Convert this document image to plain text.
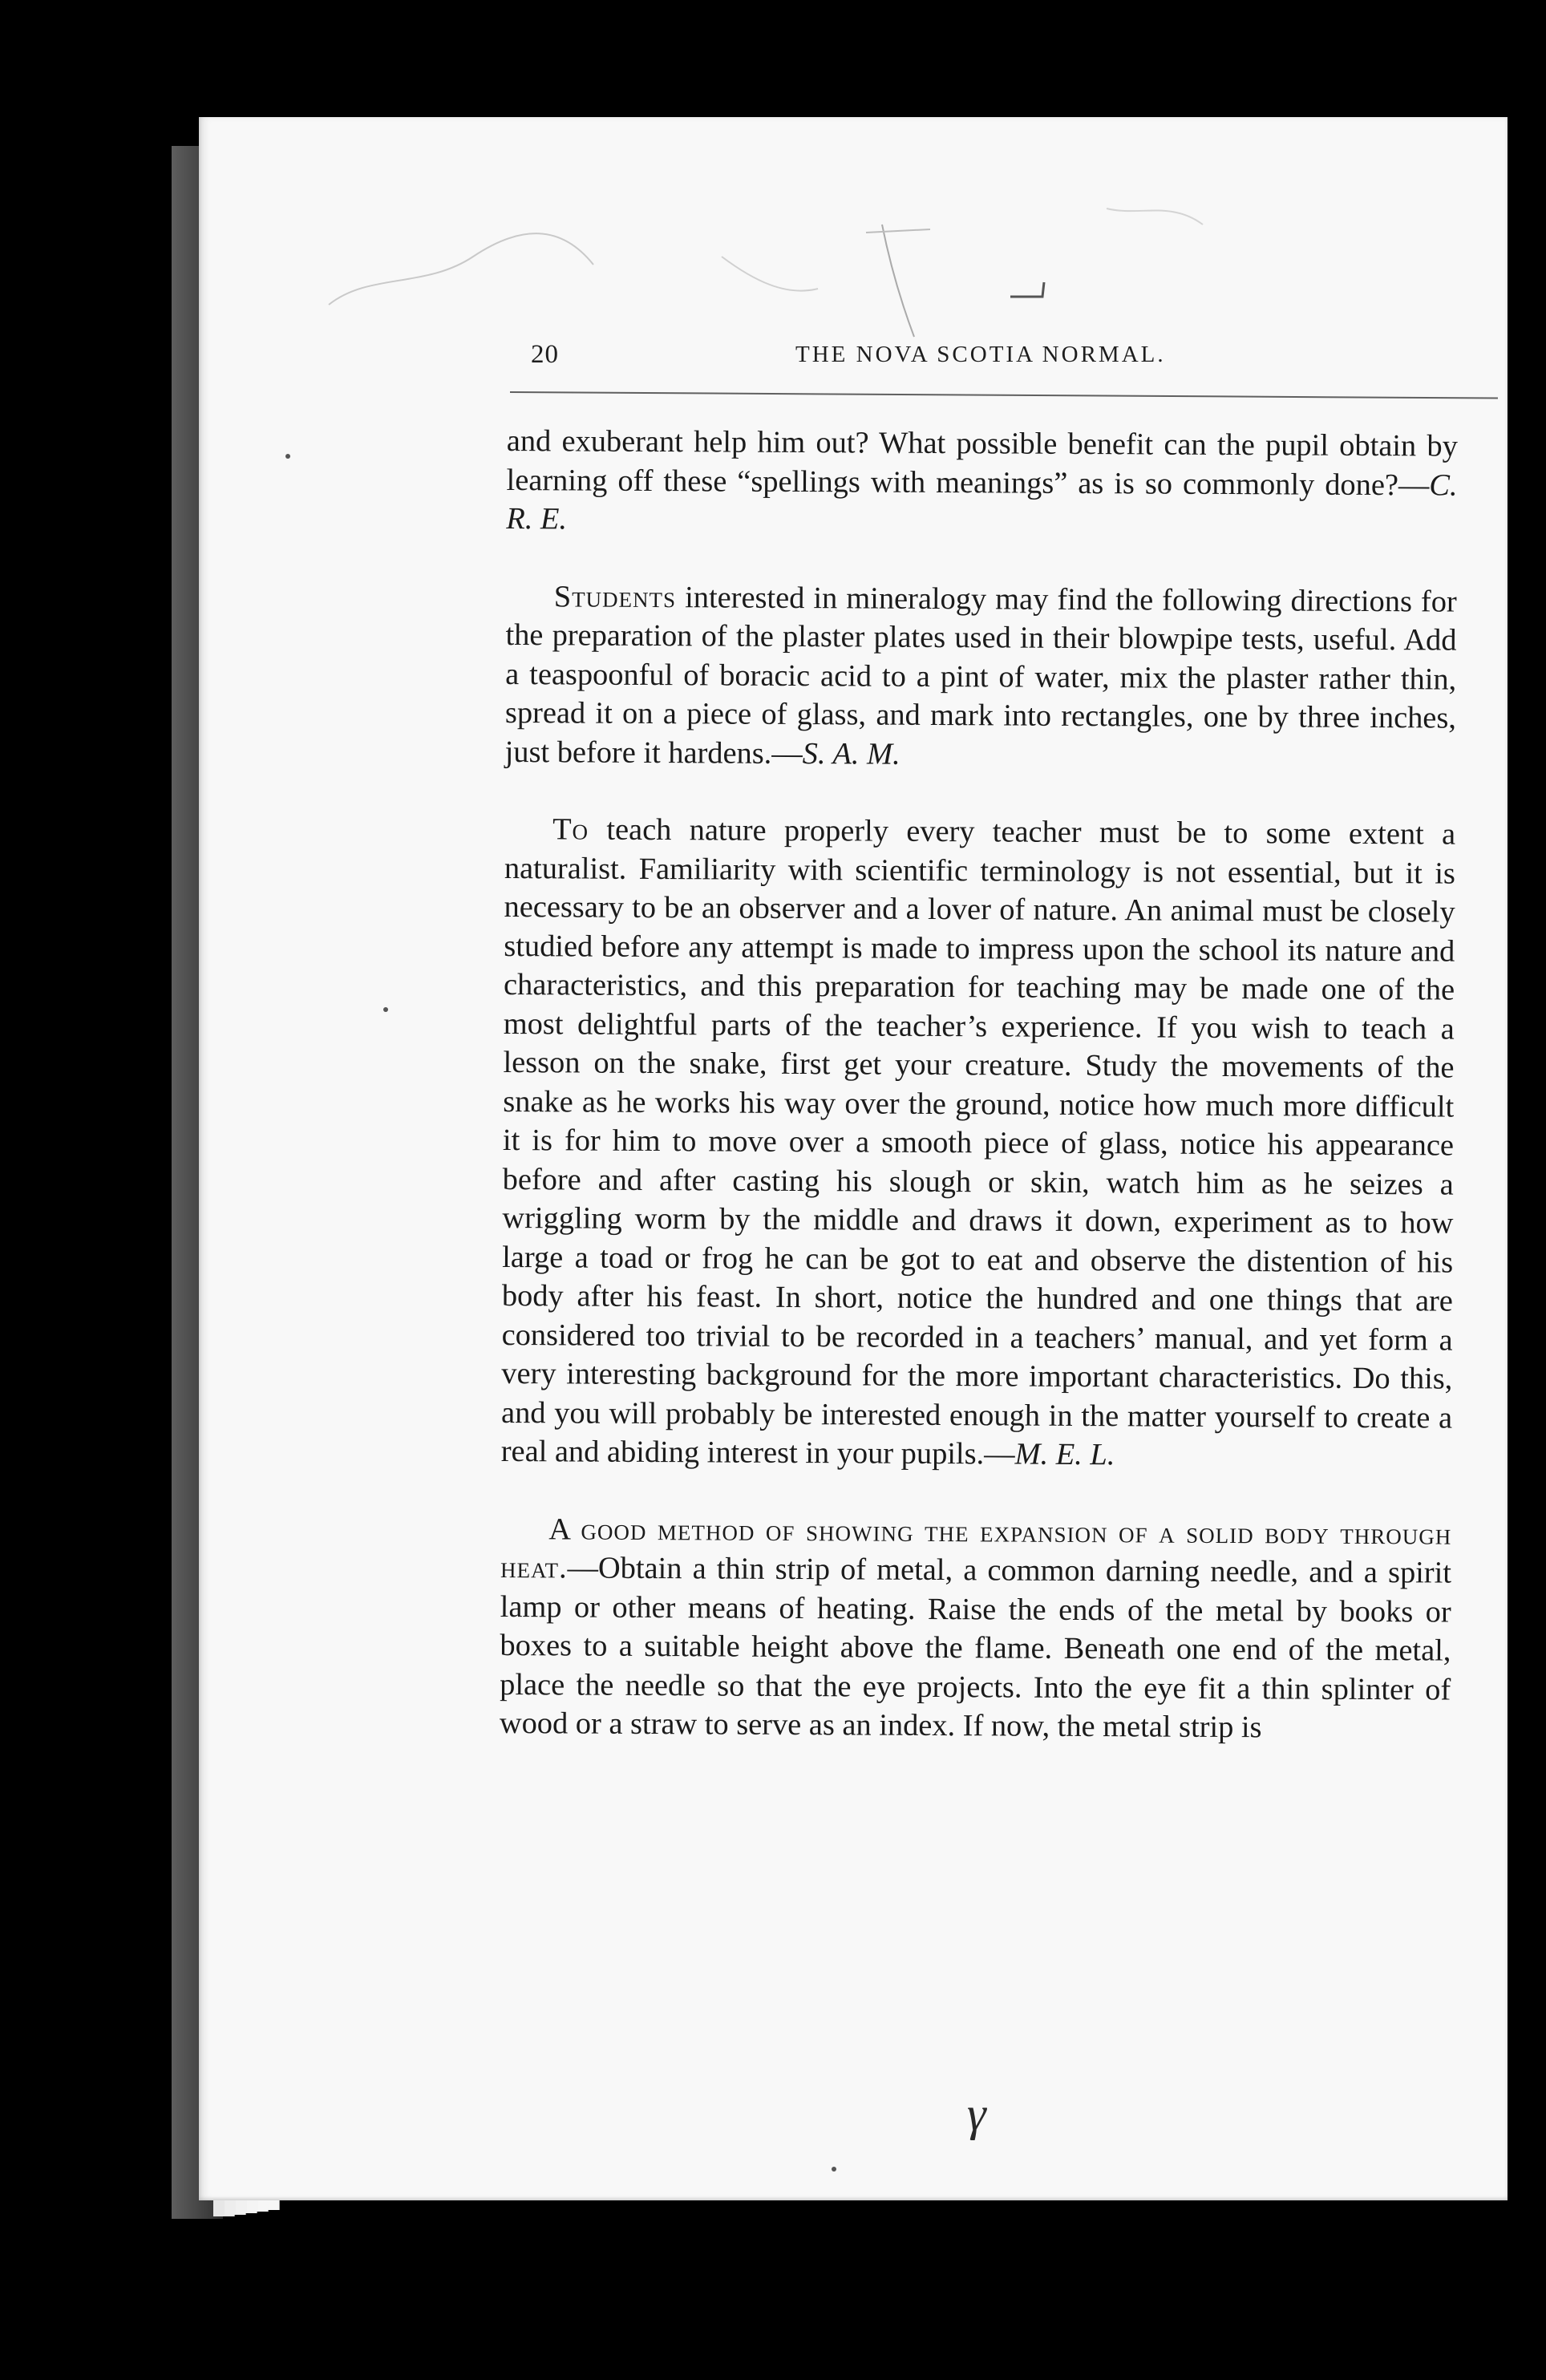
20	THE NOVA SCOTIA NORMAL.

and exuberant help him out? What possible benefit can the pupil obtain by learning off these “spellings with meanings” as is so commonly done?—C. R. E.

Students interested in mineralogy may find the following directions for the preparation of the plaster plates used in their blowpipe tests, useful. Add a teaspoonful of boracic acid to a pint of water, mix the plaster rather thin, spread it on a piece of glass, and mark into rectangles, one by three inches, just before it hardens.—S. A. M.

To teach nature properly every teacher must be to some extent a naturalist. Familiarity with scientific terminology is not essential, but it is necessary to be an observer and a lover of nature. An animal must be closely studied before any attempt is made to impress upon the school its nature and characteristics, and this preparation for teaching may be made one of the most delightful parts of the teacher’s experience. If you wish to teach a lesson on the snake, first get your creature. Study the movements of the snake as he works his way over the ground, notice how much more difficult it is for him to move over a smooth piece of glass, notice his appearance before and after casting his slough or skin, watch him as he seizes a wriggling worm by the middle and draws it down, experiment as to how large a toad or frog he can be got to eat and observe the distention of his body after his feast. In short, notice the hundred and one things that are considered too trivial to be recorded in a teachers’ manual, and yet form a very interesting background for the more important characteristics. Do this, and you will probably be interested enough in the matter yourself to create a real and abiding interest in your pupils.—M. E. L.

A good method of showing the expansion of a solid body through heat.—Obtain a thin strip of metal, a common darning needle, and a spirit lamp or other means of heating. Raise the ends of the metal by books or boxes to a suitable height above the flame. Beneath one end of the metal, place the needle so that the eye projects. Into the eye fit a thin splinter of wood or a straw to serve as an index. If now, the metal strip is

γ
